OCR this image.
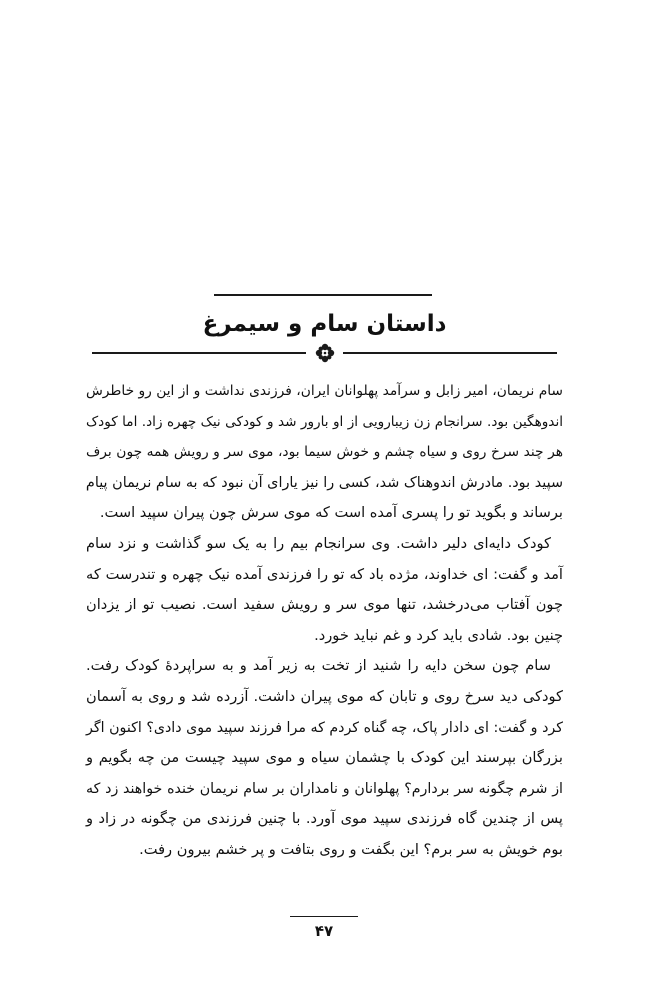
داستان سام و سیمرغ
سام نریمان، امیر زابل و سرآمد پهلوانان ایران، فرزندی نداشت و از این رو خاطرش
اندوهگین بود. سرانجام زن زیبارویی از او بارور شد و کودکی نیک چهره زاد. اما کودک
هر چند سرخ روی و سیاه چشم و خوش سیما بود، موی سر و رویش همه چون برف
سپید بود. مادرش اندوهناک شد، کسی را نیز یارای آن نبود که به سام نریمان پیام
برساند و بگوید تو را پسری آمده است که موی سرش چون پیران سپید است.
کودک دایه‌ای دلیر داشت. وی سرانجام بیم را به یک سو گذاشت و نزد سام
آمد و گفت: ای خداوند، مژده باد که تو را فرزندی آمده نیک چهره و تندرست که
چون آفتاب می‌درخشد، تنها موی سر و رویش سفید است. نصیب تو از یزدان
چنین بود. شادی باید کرد و غم نباید خورد.
سام چون سخن دایه را شنید از تخت به زیر آمد و به سراپردهٔ کودک رفت.
کودکی دید سرخ روی و تابان که موی پیران داشت. آزرده شد و روی به آسمان
کرد و گفت: ای دادار پاک، چه گناه کردم که مرا فرزند سپید موی دادی؟ اکنون اگر
بزرگان بپرسند این کودک با چشمان سیاه و موی سپید چیست من چه بگویم و
از شرم چگونه سر بردارم؟ پهلوانان و نامداران بر سام نریمان خنده خواهند زد که
پس از چندین گاه فرزندی سپید موی آورد. با چنین فرزندی من چگونه در زاد و
بوم خویش به سر برم؟ این بگفت و روی بتافت و پر خشم بیرون رفت.
۴۷
